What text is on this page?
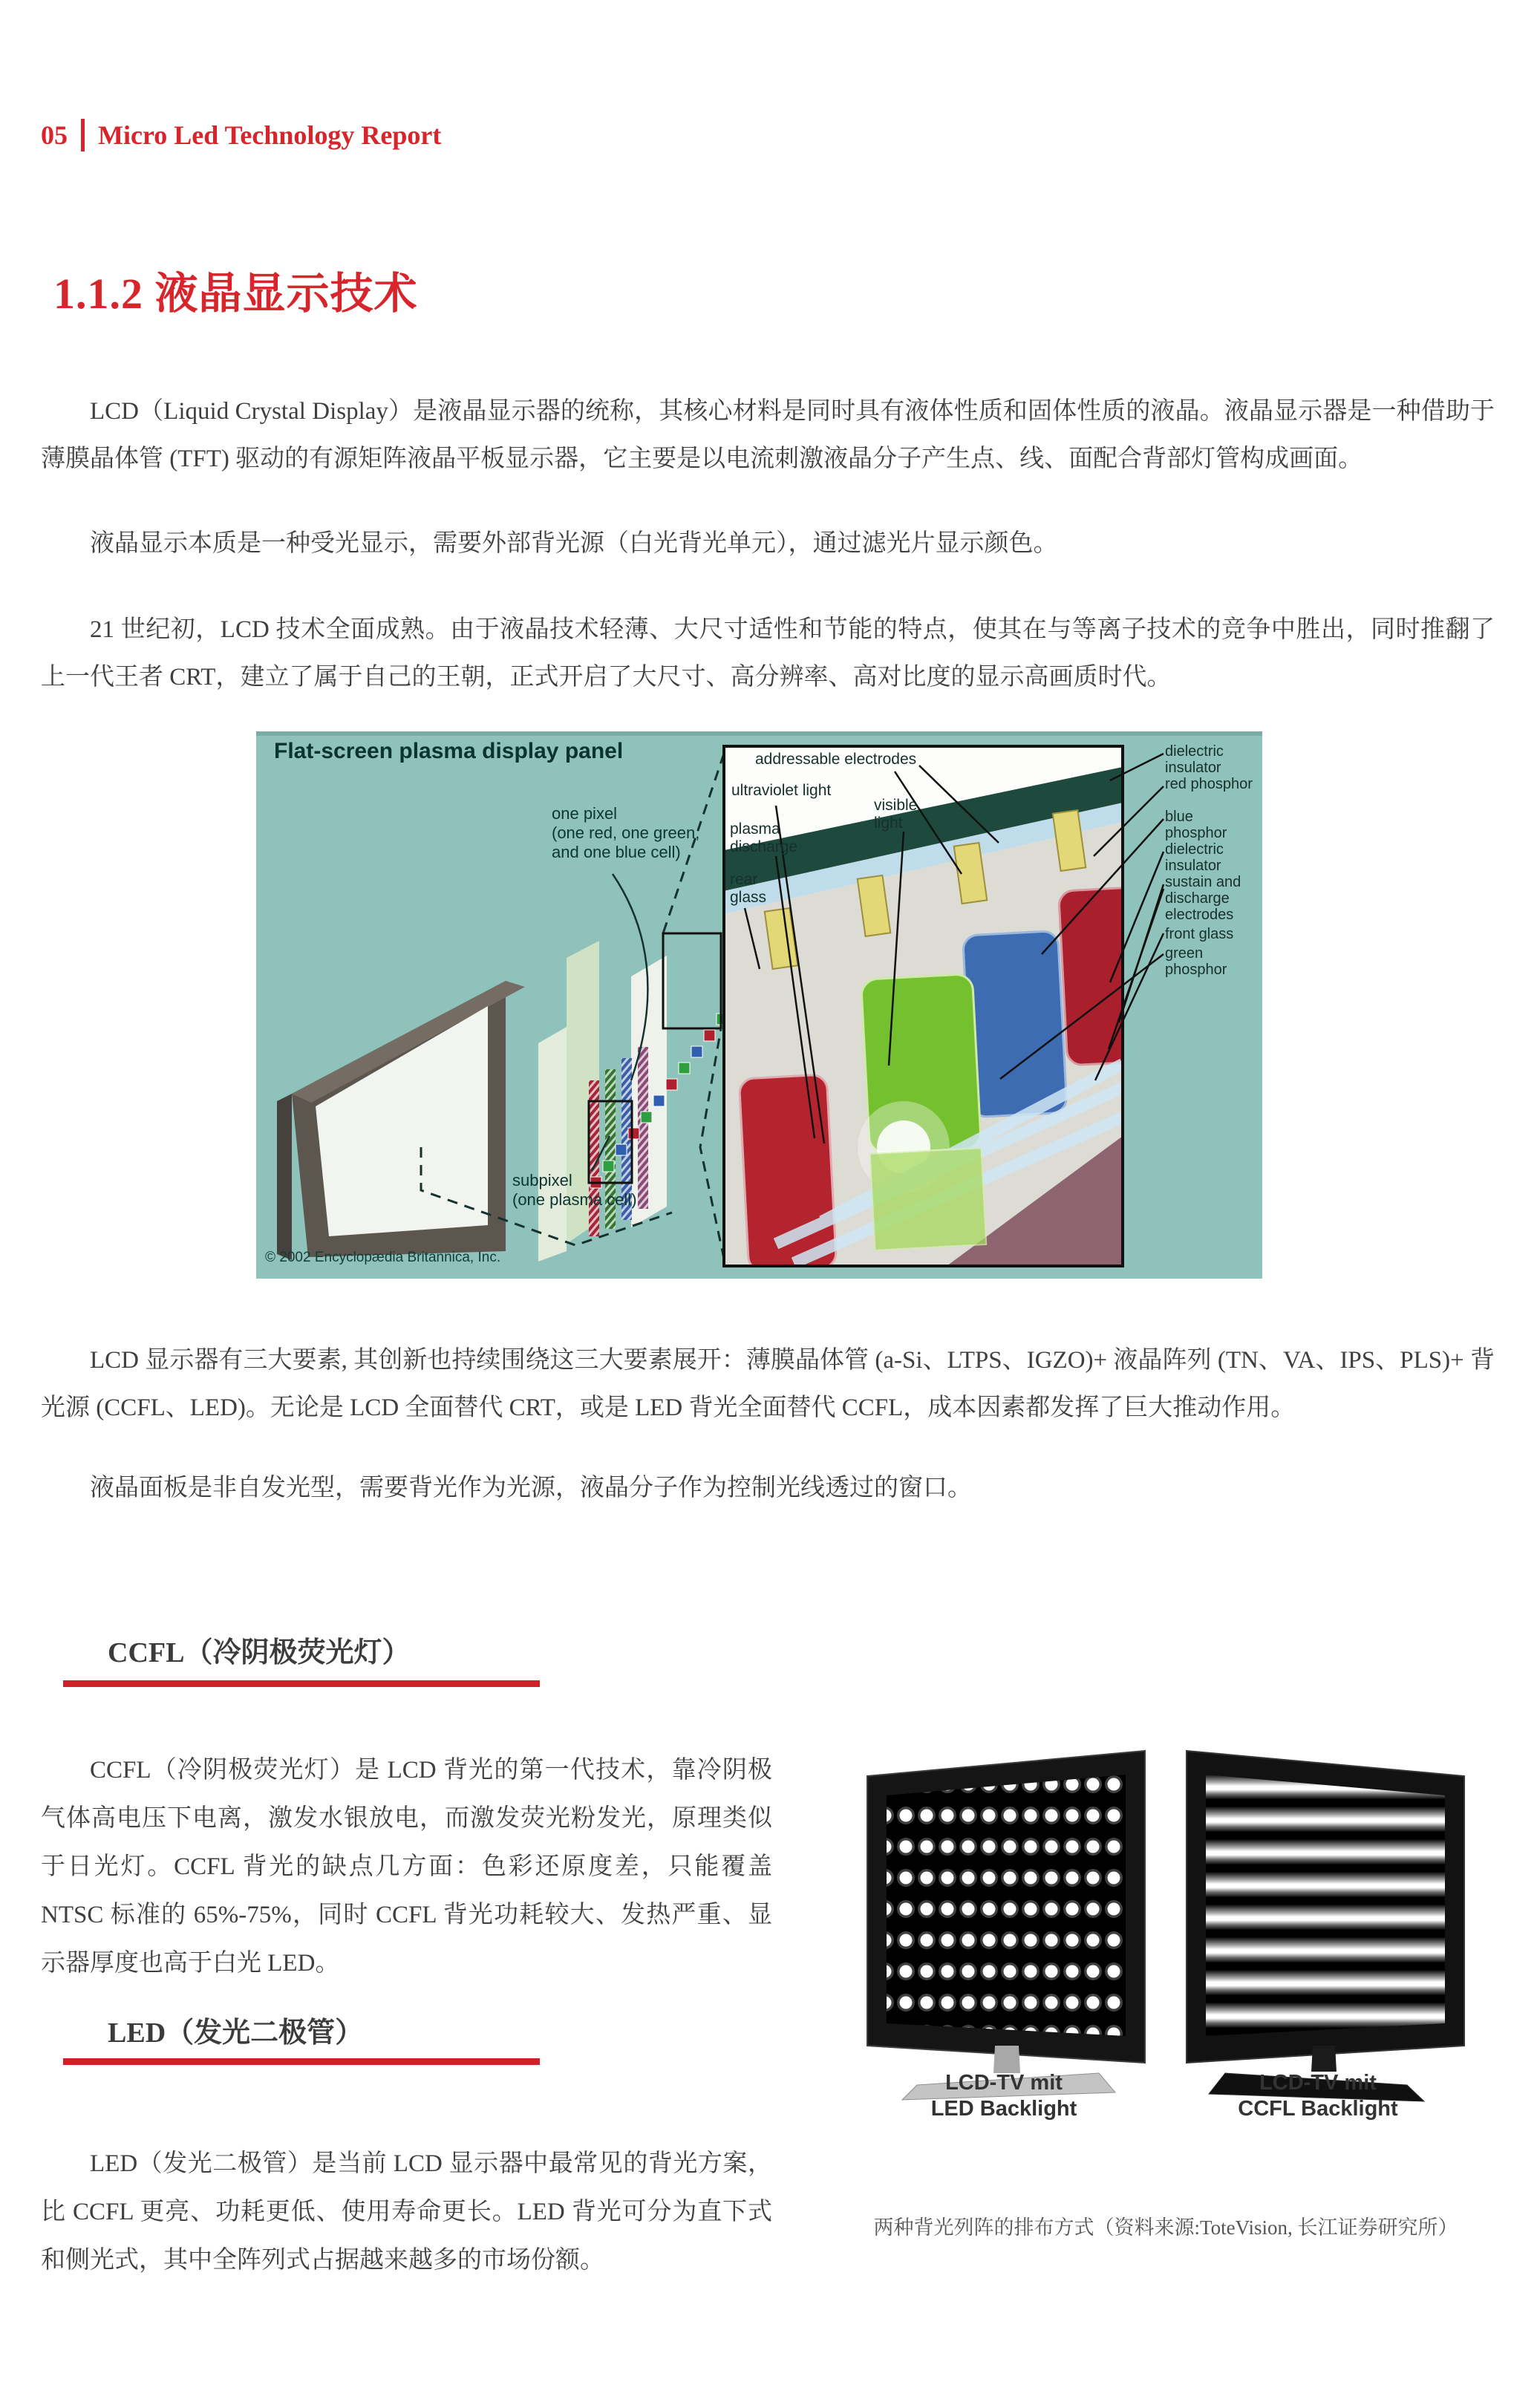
05 Micro Led Technology Report
1.1.2 液晶显示技术
LCD（Liquid Crystal Display）是液晶显示器的统称，其核心材料是同时具有液体性质和固体性质的液晶。液晶显示器是一种借助于薄膜晶体管 (TFT) 驱动的有源矩阵液晶平板显示器，它主要是以电流刺激液晶分子产生点、线、面配合背部灯管构成画面。
液晶显示本质是一种受光显示，需要外部背光源（白光背光单元），通过滤光片显示颜色。
21 世纪初，LCD 技术全面成熟。由于液晶技术轻薄、大尺寸适性和节能的特点，使其在与等离子技术的竞争中胜出，同时推翻了上一代王者 CRT，建立了属于自己的王朝，正式开启了大尺寸、高分辨率、高对比度的显示高画质时代。
Flat-screen plasma display panel
one pixel
(one red, one green,
and one blue cell)
subpixel
(one plasma cell)
© 2002 Encyclopædia Britannica, Inc.
addressable electrodes
ultraviolet light
visible light
plasma discharge
rear glass
dielectric insulator
red phosphor
blue phosphor
dielectric insulator
sustain and discharge electrodes
front glass
green phosphor
LCD 显示器有三大要素, 其创新也持续围绕这三大要素展开：薄膜晶体管 (a-Si、LTPS、IGZO)+ 液晶阵列 (TN、VA、IPS、PLS)+ 背光源 (CCFL、LED)。无论是 LCD 全面替代 CRT，或是 LED 背光全面替代 CCFL，成本因素都发挥了巨大推动作用。
液晶面板是非自发光型，需要背光作为光源，液晶分子作为控制光线透过的窗口。
CCFL（冷阴极荧光灯）
CCFL（冷阴极荧光灯）是 LCD 背光的第一代技术，靠冷阴极气体高电压下电离，激发水银放电，而激发荧光粉发光，原理类似于日光灯。CCFL 背光的缺点几方面：色彩还原度差，只能覆盖 NTSC 标准的 65%-75%，同时 CCFL 背光功耗较大、发热严重、显示器厚度也高于白光 LED。
LED（发光二极管）
LED（发光二极管）是当前 LCD 显示器中最常见的背光方案，比 CCFL 更亮、功耗更低、使用寿命更长。LED 背光可分为直下式和侧光式，其中全阵列式占据越来越多的市场份额。
LCD-TV mit
LED Backlight
LCD-TV mit
CCFL Backlight
两种背光列阵的排布方式（资料来源:ToteVision, 长江证券研究所）
